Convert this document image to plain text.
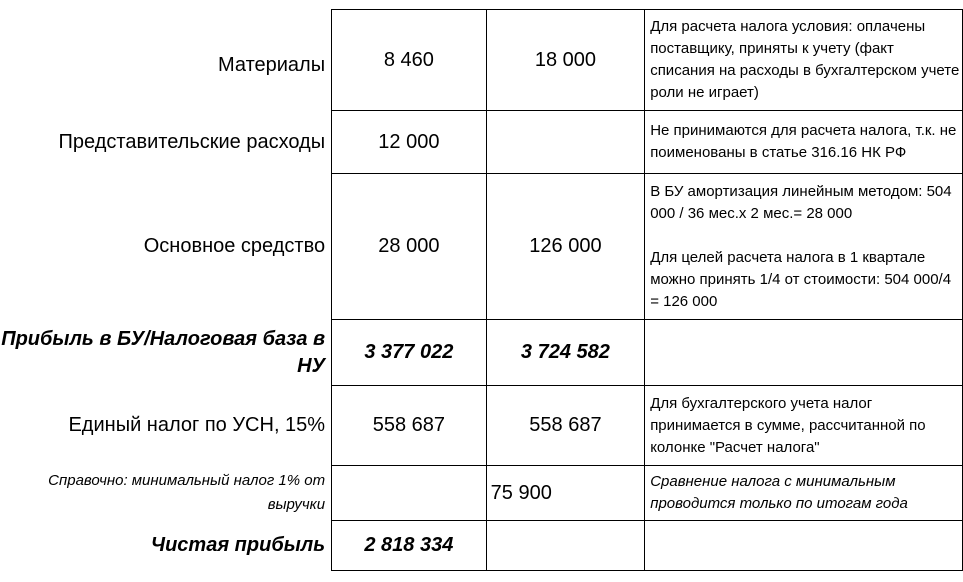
Материалы	8 460	18 000	Для расчета налога условия: оплачены поставщику, приняты к учету (факт списания на расходы в бухгалтерском учете роли не играет)
Представительские расходы	12 000		Не принимаются для расчета налога, т.к. не поименованы в статье 316.16 НК РФ
Основное средство	28 000	126 000	В БУ амортизация линейным методом: 504 000 / 36 мес.х 2 мес.= 28 000
Для целей расчета налога в 1 квартале можно принять 1/4 от стоимости: 504 000/4 = 126 000
Прибыль в БУ/Налоговая база в НУ	3 377 022	3 724 582	
Единый налог по УСН, 15%	558 687	558 687	Для бухгалтерского учета налог принимается в сумме, рассчитанной по колонке "Расчет налога"
Справочно: минимальный налог 1% от выручки		75 900	Сравнение налога с минимальным проводится только по итогам года
Чистая прибыль	2 818 334		
